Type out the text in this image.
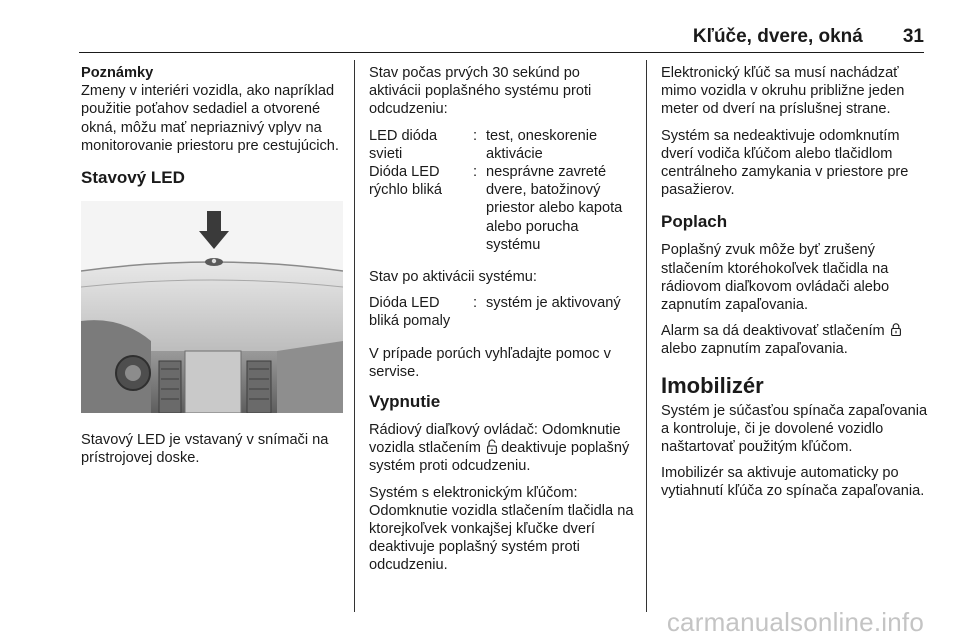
Kľúče, dvere, okná 31
Poznámky

Zmeny v interiéri vozidla, ako napríklad použitie poťahov sedadiel a otvorené okná, môžu mať nepriaznivý vplyv na monitorovanie priestoru pre cestujúcich.

Stavový LED

Stavový LED je vstavaný v snímači na prístrojovej doske.

Stav počas prvých 30 sekúnd po aktivácii poplašného systému proti odcudzeniu:

LED dióda svieti	:	test, oneskorenie aktivácie
Dióda LED rýchlo bliká	:	nesprávne zavreté dvere, batožinový priestor alebo kapota alebo porucha systému

Stav po aktivácii systému:

Dióda LED bliká pomaly	:	systém je aktivovaný

V prípade porúch vyhľadajte pomoc v servise.

Vypnutie

Rádiový diaľkový ovládač: Odomknutie vozidla stlačením deaktivuje poplašný systém proti odcudzeniu.

Systém s elektronickým kľúčom: Odomknutie vozidla stlačením tlačidla na ktorejkoľvek vonkajšej kľučke dverí deaktivuje poplašný systém proti odcudzeniu.

Elektronický kľúč sa musí nachádzať mimo vozidla v okruhu približne jeden meter od dverí na príslušnej strane.

Systém sa nedeaktivuje odomknutím dverí vodiča kľúčom alebo tlačidlom centrálneho zamykania v priestore pre pasažierov.

Poplach

Poplašný zvuk môže byť zrušený stlačením ktoréhokoľvek tlačidla na rádiovom diaľkovom ovládači alebo zapnutím zapaľovania.

Alarm sa dá deaktivovať stlačením  alebo zapnutím zapaľovania.

Imobilizér

Systém je súčasťou spínača zapaľovania a kontroluje, či je dovolené vozidlo naštartovať použitým kľúčom.

Imobilizér sa aktivuje automaticky po vytiahnutí kľúča zo spínača zapaľovania.

carmanualsonline.info
